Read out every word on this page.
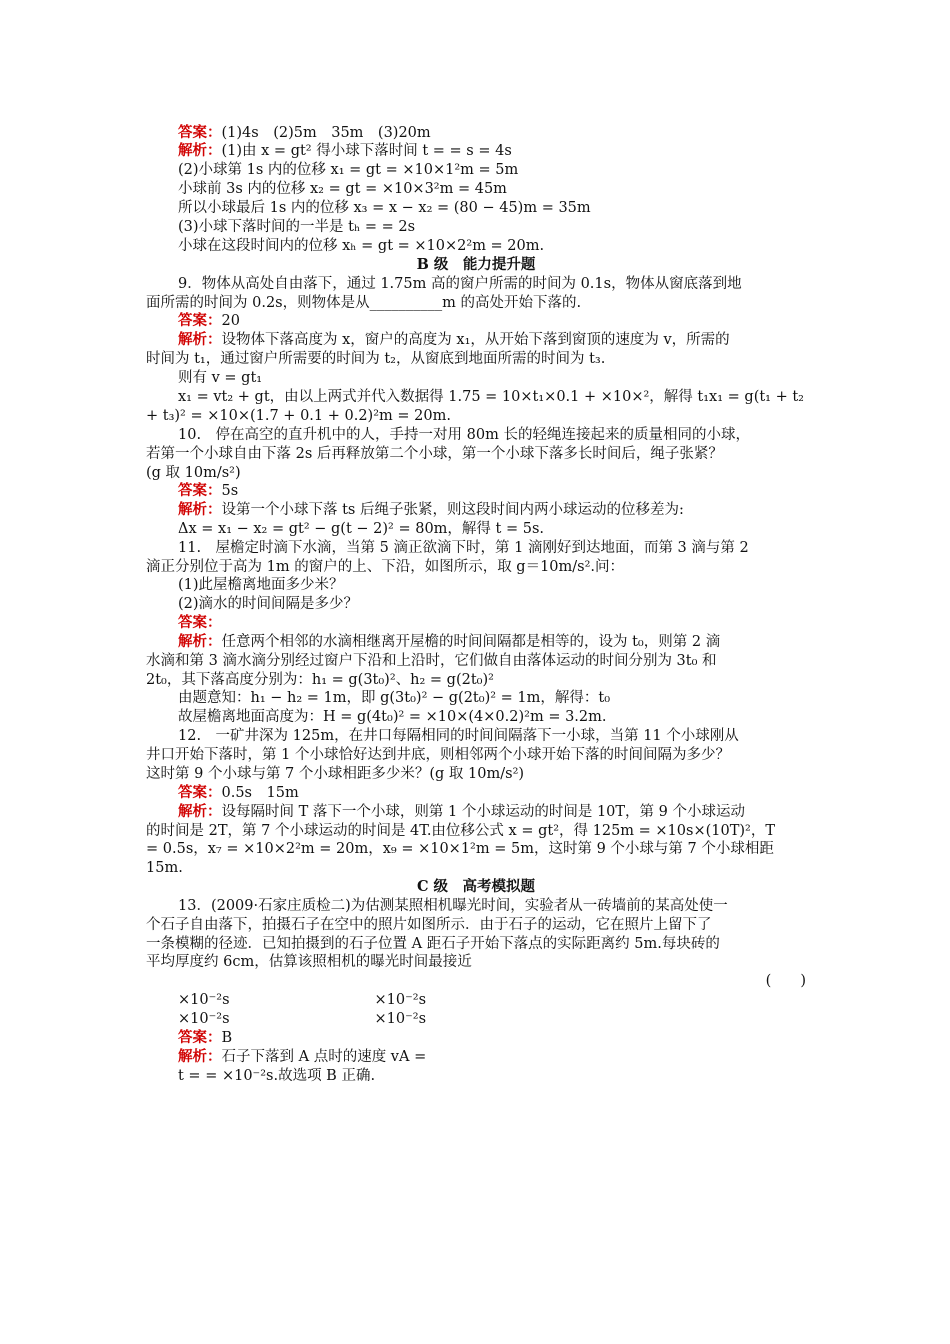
答案：(1)4s　(2)5m　35m　(3)20m
解析：(1)由 x = gt² 得小球下落时间 t = = s = 4s
(2)小球第 1s 内的位移 x₁ = gt = ×10×1²m = 5m
小球前 3s 内的位移 x₂ = gt = ×10×3²m = 45m
所以小球最后 1s 内的位移 x₃ = x − x₂ = (80 − 45)m = 35m
(3)小球下落时间的一半是 tₕ = = 2s
小球在这段时间内的位移 xₕ = gt = ×10×2²m = 20m.
B 级　能力提升题
9．物体从高处自由落下，通过 1.75m 高的窗户所需的时间为 0.1s，物体从窗底落到地
面所需的时间为 0.2s，则物体是从__________m 的高处开始下落的.
答案：20
解析：设物体下落高度为 x，窗户的高度为 x₁，从开始下落到窗顶的速度为 v，所需的
时间为 t₁，通过窗户所需要的时间为 t₂，从窗底到地面所需的时间为 t₃.
则有 v = gt₁
x₁ = vt₂ + gt，由以上两式并代入数据得 1.75 = 10×t₁×0.1 + ×10×²，解得 t₁x₁ = g(t₁ + t₂
+ t₃)² = ×10×(1.7 + 0.1 + 0.2)²m = 20m.
10.　停在高空的直升机中的人，手持一对用 80m 长的轻绳连接起来的质量相同的小球，
若第一个小球自由下落 2s 后再释放第二个小球，第一个小球下落多长时间后，绳子张紧？
(g 取 10m/s²)
答案：5s
解析：设第一个小球下落 ts 后绳子张紧，则这段时间内两小球运动的位移差为:
Δx = x₁ − x₂ = gt² − g(t − 2)² = 80m，解得 t = 5s.
11.　屋檐定时滴下水滴，当第 5 滴正欲滴下时，第 1 滴刚好到达地面，而第 3 滴与第 2
滴正分别位于高为 1m 的窗户的上、下沿，如图所示，取 g＝10m/s².问：
(1)此屋檐离地面多少米？
(2)滴水的时间间隔是多少？
答案：
解析：任意两个相邻的水滴相继离开屋檐的时间间隔都是相等的，设为 t₀，则第 2 滴
水滴和第 3 滴水滴分别经过窗户下沿和上沿时，它们做自由落体运动的时间分别为 3t₀ 和
2t₀，其下落高度分别为：h₁ = g(3t₀)²、h₂ = g(2t₀)²
由题意知：h₁ − h₂ = 1m，即 g(3t₀)² − g(2t₀)² = 1m，解得：t₀
故屋檐离地面高度为：H = g(4t₀)² = ×10×(4×0.2)²m = 3.2m.
12.　一矿井深为 125m，在井口每隔相同的时间间隔落下一小球，当第 11 个小球刚从
井口开始下落时，第 1 个小球恰好达到井底，则相邻两个小球开始下落的时间间隔为多少？
这时第 9 个小球与第 7 个小球相距多少米？(g 取 10m/s²)
答案：0.5s　15m
解析：设每隔时间 T 落下一个小球，则第 1 个小球运动的时间是 10T，第 9 个小球运动
的时间是 2T，第 7 个小球运动的时间是 4T.由位移公式 x = gt²，得 125m = ×10s×(10T)²，T
= 0.5s，x₇ = ×10×2²m = 20m，x₉ = ×10×1²m = 5m，这时第 9 个小球与第 7 个小球相距
15m.
C 级　高考模拟题
13．(2009·石家庄质检二)为估测某照相机曝光时间，实验者从一砖墙前的某高处使一
个石子自由落下，拍摄石子在空中的照片如图所示．由于石子的运动，它在照片上留下了
一条模糊的径迹．已知拍摄到的石子位置 A 距石子开始下落点的实际距离约 5m.每块砖的
平均厚度约 6cm，估算该照相机的曝光时间最接近
(　　)
×10⁻²s　　　　　　　　　　×10⁻²s
×10⁻²s　　　　　　　　　　×10⁻²s
答案：B
解析：石子下落到 A 点时的速度 vA =
t = = ×10⁻²s.故选项 B 正确.
